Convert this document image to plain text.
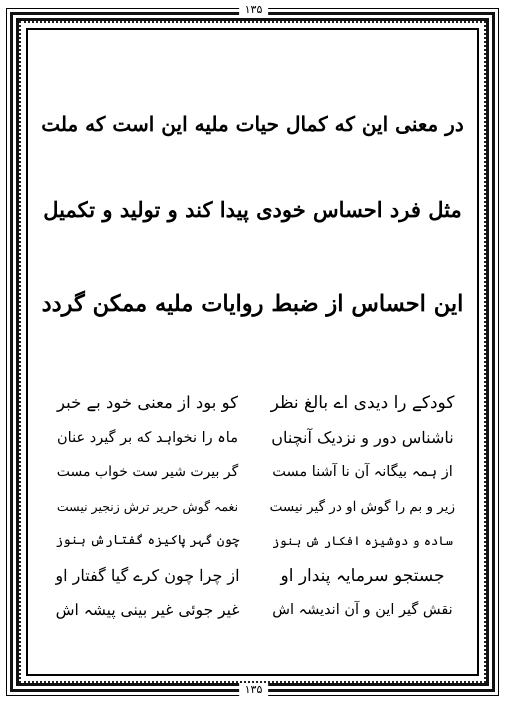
۱۳۵
۱۳۵
در معنی این که کمال حیات ملیه این است که ملت
مثل فرد احساس خودی پیدا کند و تولید و تکمیل
این احساس از ضبط روایات ملیه ممکن گردد
کودکے را دیدی اے بالغ نظر
کو بود از معنی خود بے خبر
ناشناس دور و نزدیک آنچناں
ماہ را نخواہد که بر گیرد عنان
از ہمہ بیگانہ آن نا آشنا مست
گر بیرت شیر ست خواب مست
زیر و بم را گوش او در گیر نیست
نغمہ گوش حریر ترش زنجیر نیست
سادہ و دوشیزہ افکار ش ہنوز
چون گہر پاکیزہ گفتارش ہنوز
جستجو سرمایہ پندار او
از چرا چون کرے گیا گفتار او
نقش گیر این و آن اندیشہ اش
غیر جوئی غیر بینی پیشہ اش
